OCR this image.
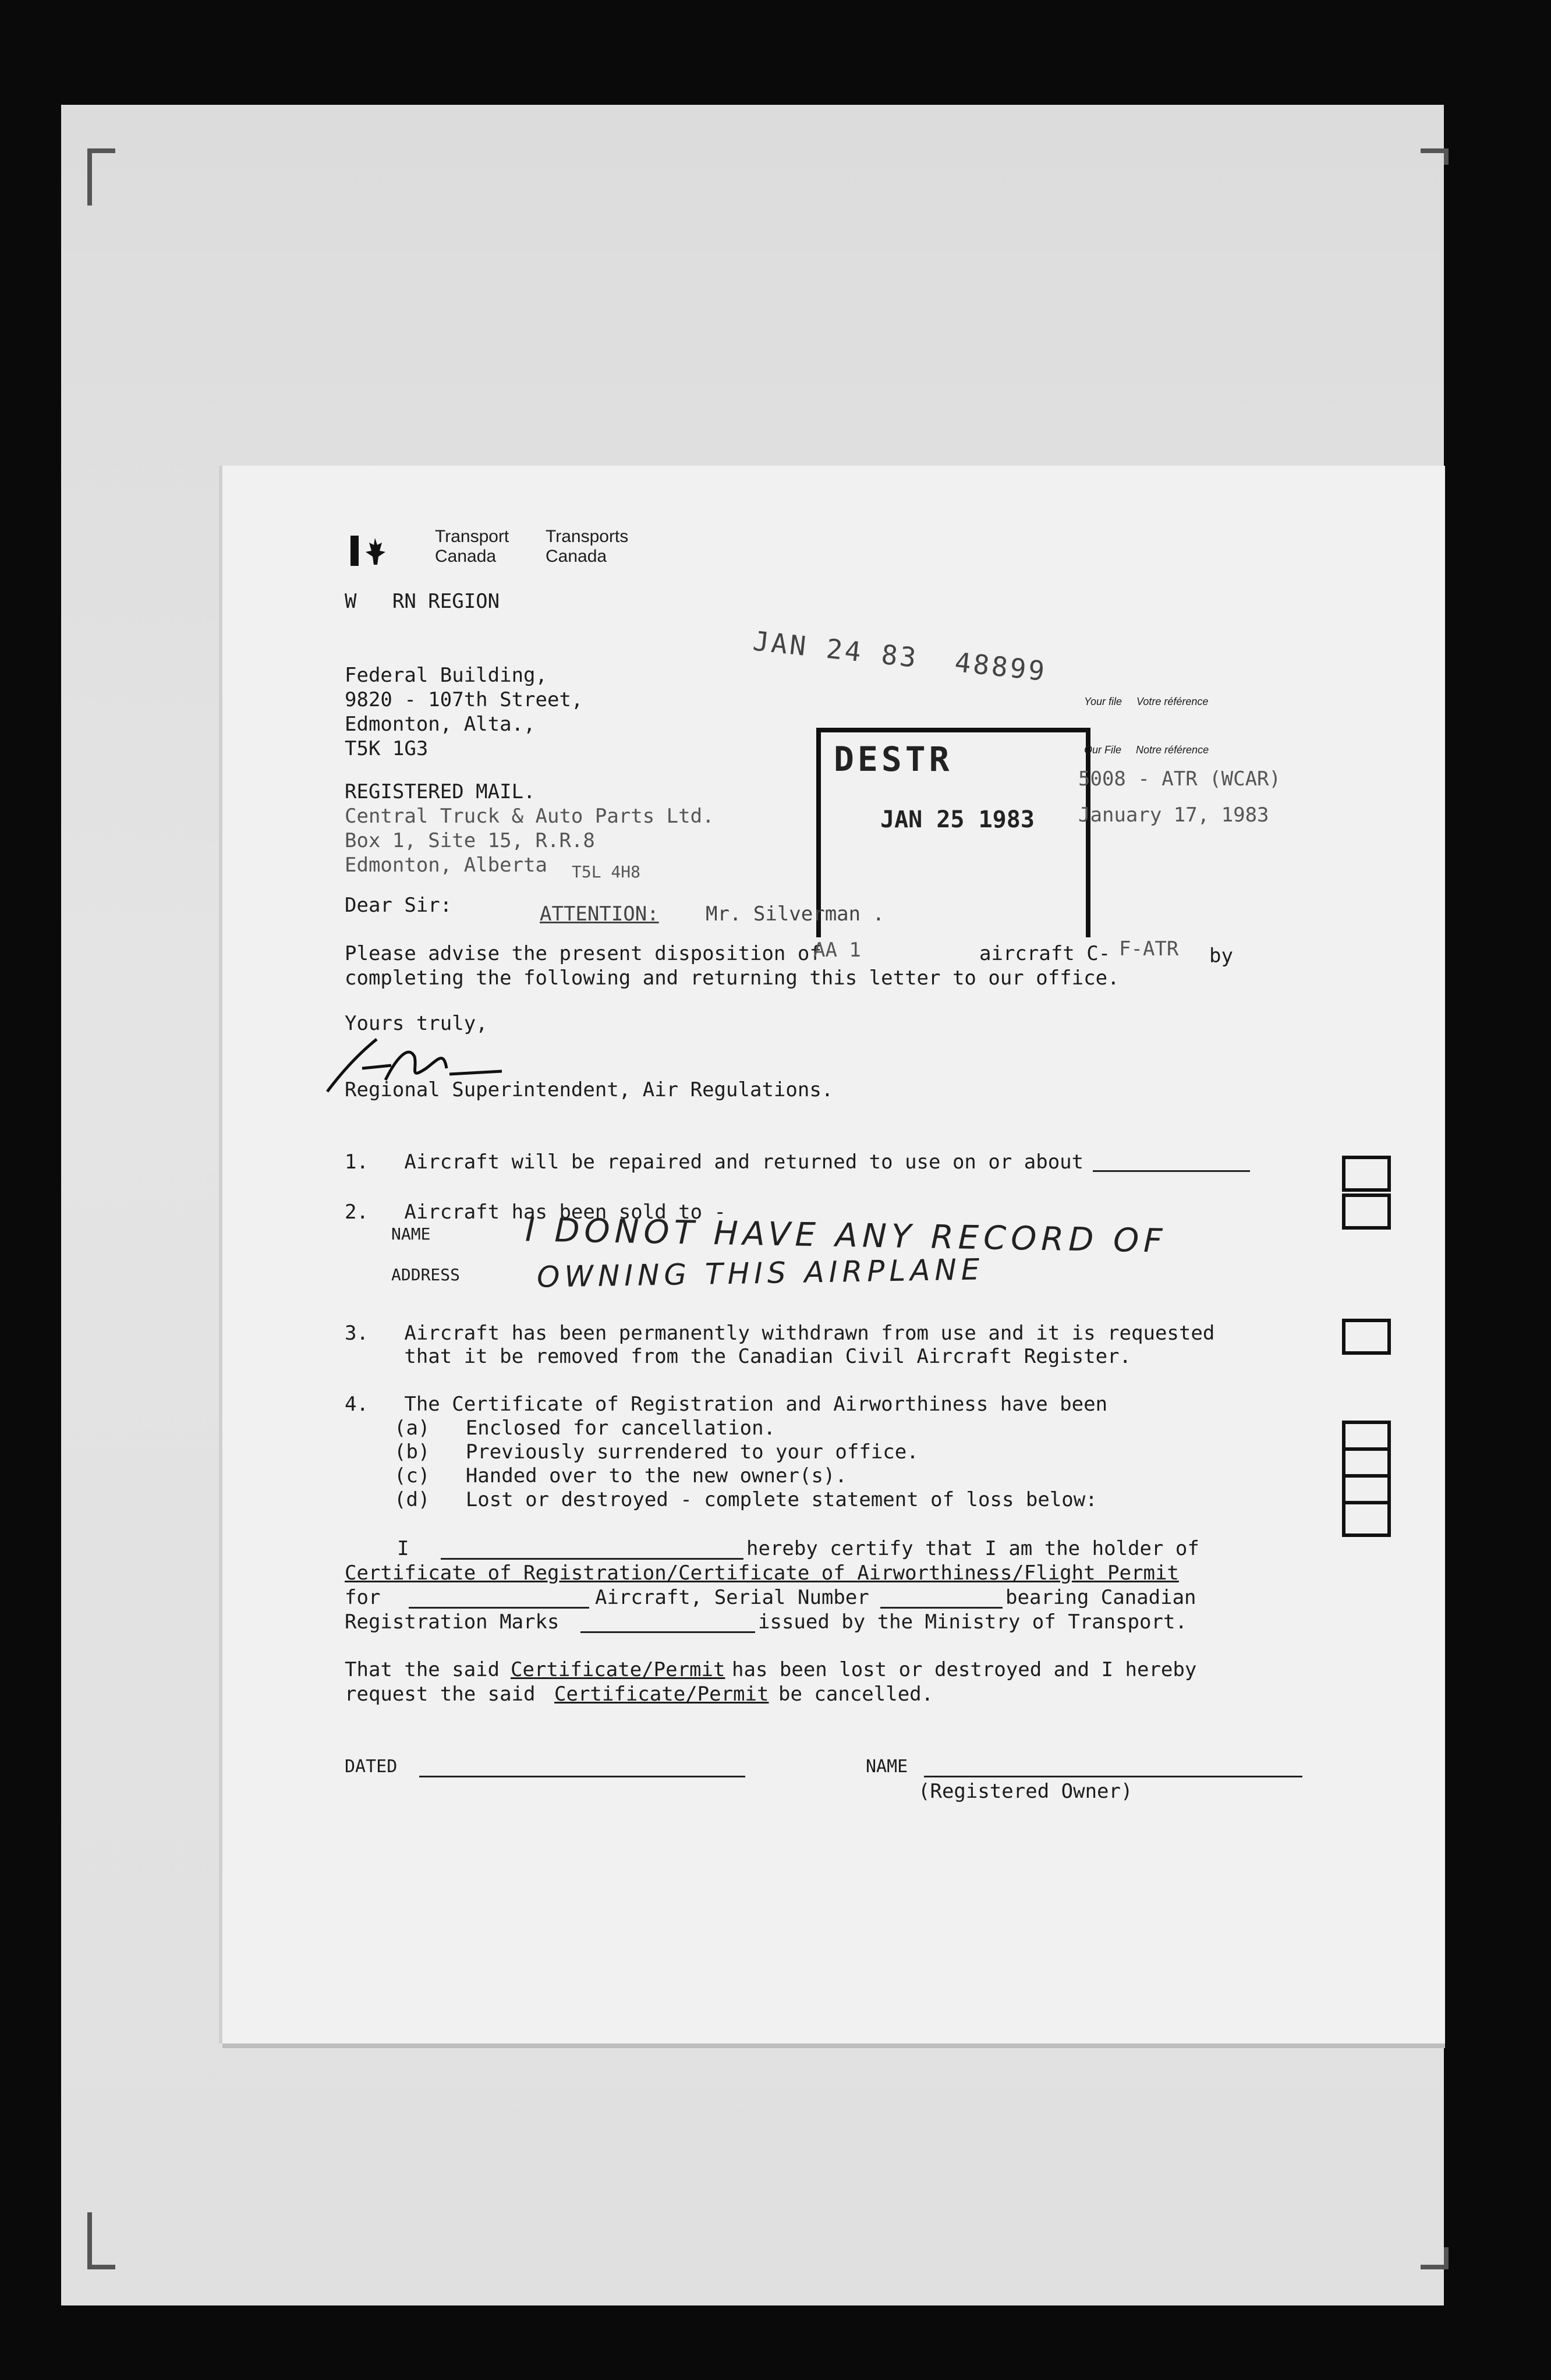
Transport
Canada
Transports
Canada
W   RN REGION
Federal Building,
9820 - 107th Street,
Edmonton, Alta.,
T5K 1G3
JAN 24 83  48899
DESTR
JAN 25 1983
Your file     Votre référence
Our File     Notre référence
5008 - ATR (WCAR)
January 17, 1983
REGISTERED MAIL.
Central Truck & Auto Parts Ltd.
Box 1, Site 15, R.R.8
Edmonton, Alberta T5L 4H8
Dear Sir:	ATTENTION: Mr. Silverman .
Please advise the present disposition of
AA 1	aircraft C- F-ATR by
completing the following and returning this letter to our office.
Yours truly,
Regional Superintendent, Air Regulations.
1.   Aircraft will be repaired and returned to use on or about
2.   Aircraft has been sold to -
NAME	I DONOT HAVE ANY RECORD OF
ADDRESS	OWNING THIS AIRPLANE
3.   Aircraft has been permanently withdrawn from use and it is requested
that it be removed from the Canadian Civil Aircraft Register.
4.   The Certificate of Registration and Airworthiness have been
(a)   Enclosed for cancellation.
(b)   Previously surrendered to your office.
(c)   Handed over to the new owner(s).
(d)   Lost or destroyed - complete statement of loss below:
I	hereby certify that I am the holder of
Certificate of Registration/Certificate of Airworthiness/Flight Permit
for	Aircraft, Serial Number	bearing Canadian
Registration Marks	issued by the Ministry of Transport.
That the said Certificate/Permit has been lost or destroyed and I hereby
request the said Certificate/Permit be cancelled.
DATED	NAME
(Registered Owner)
